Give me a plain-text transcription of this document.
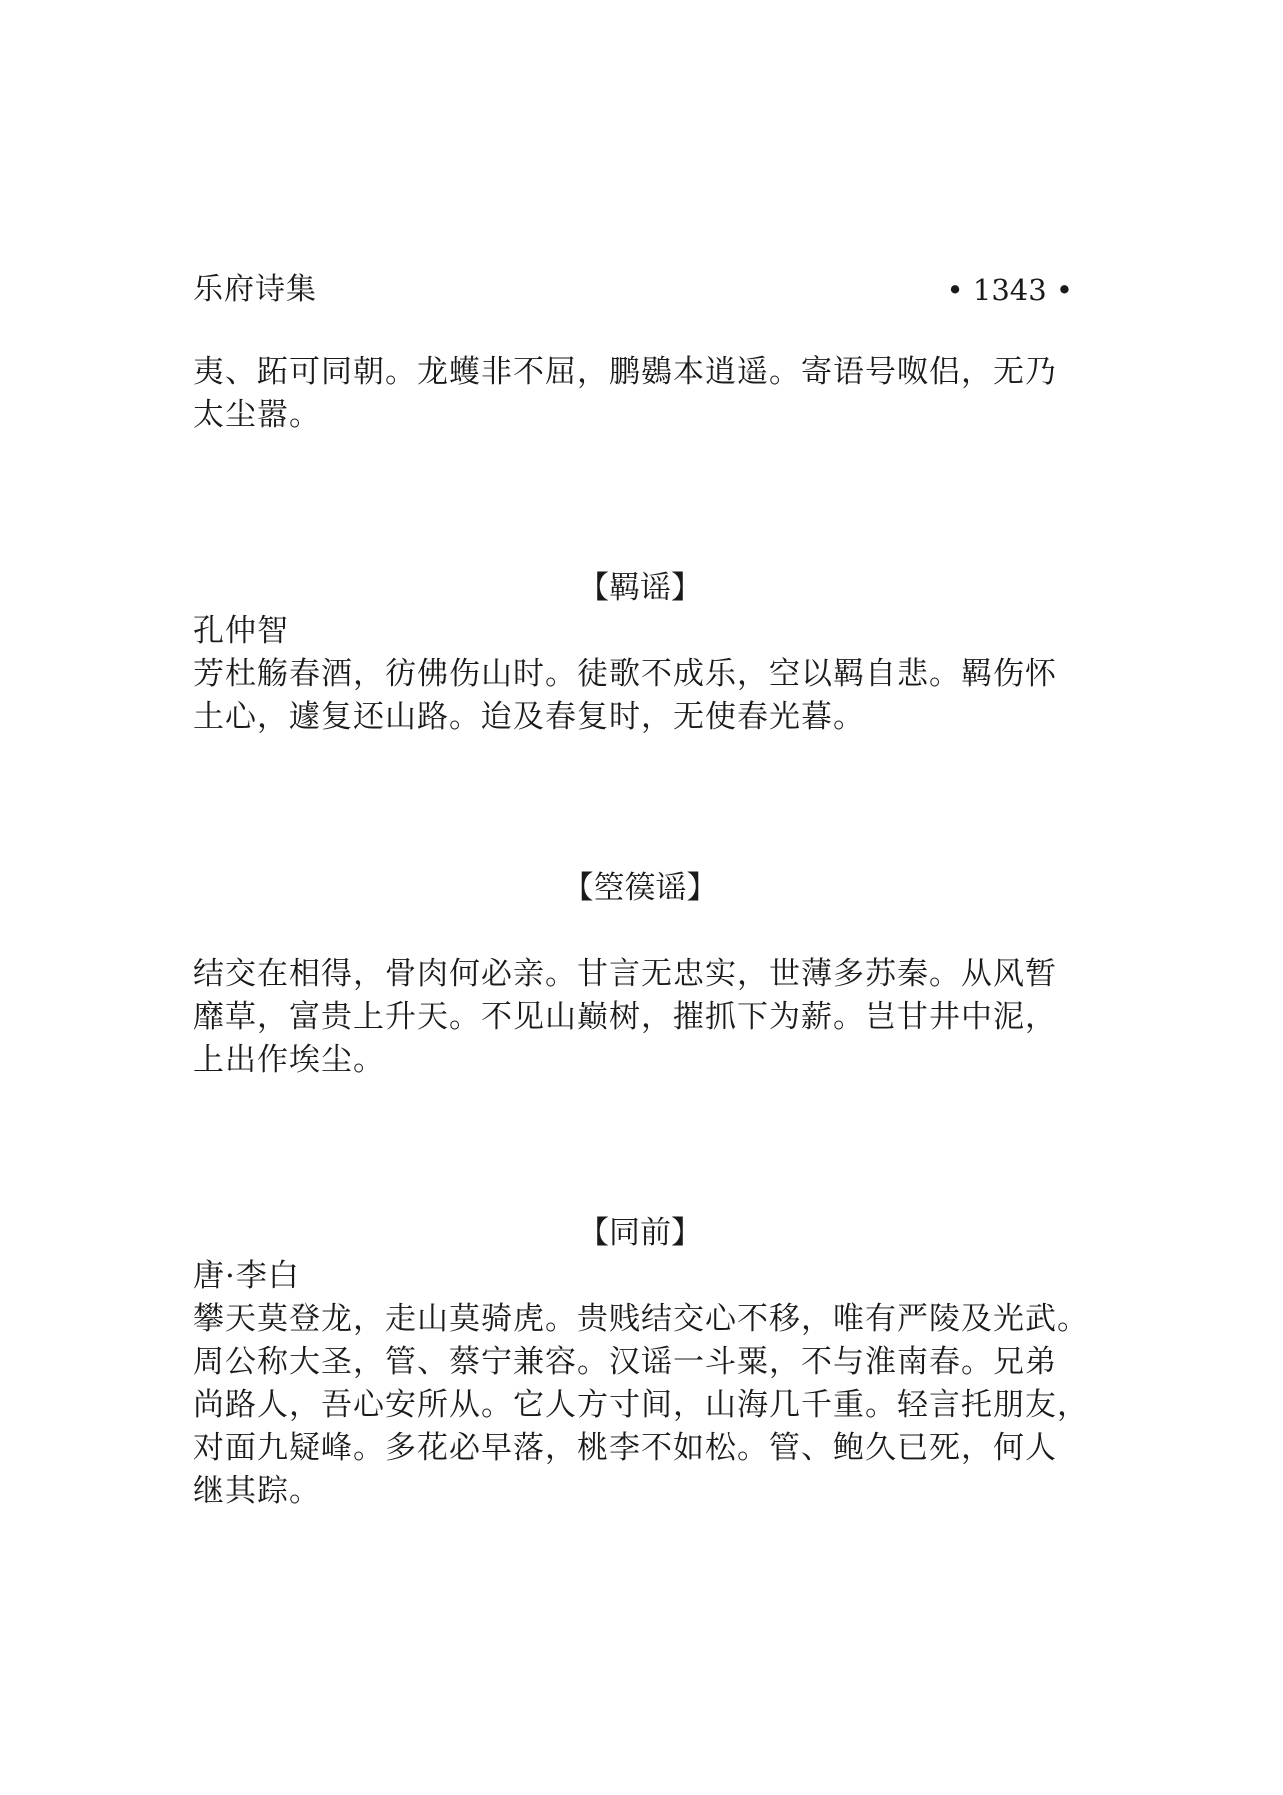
乐府诗集	• 1343 •
夷、跖可同朝。龙蠖非不屈，鹏鷃本逍遥。寄语号呶侣，无乃
太尘嚣。
【羁谣】
孔仲智
芳杜觞春酒，彷佛伤山时。徒歌不成乐，空以羁自悲。羁伤怀
土心，遽复还山路。迨及春复时，无使春光暮。
【箜篌谣】
结交在相得，骨肉何必亲。甘言无忠实，世薄多苏秦。从风暂
靡草，富贵上升天。不见山巅树，摧抓下为薪。岂甘井中泥，
上出作埃尘。
【同前】
唐·李白
攀天莫登龙，走山莫骑虎。贵贱结交心不移，唯有严陵及光武。
周公称大圣，管、蔡宁兼容。汉谣一斗粟，不与淮南春。兄弟
尚路人，吾心安所从。它人方寸间，山海几千重。轻言托朋友，
对面九疑峰。多花必早落，桃李不如松。管、鲍久已死，何人
继其踪。
